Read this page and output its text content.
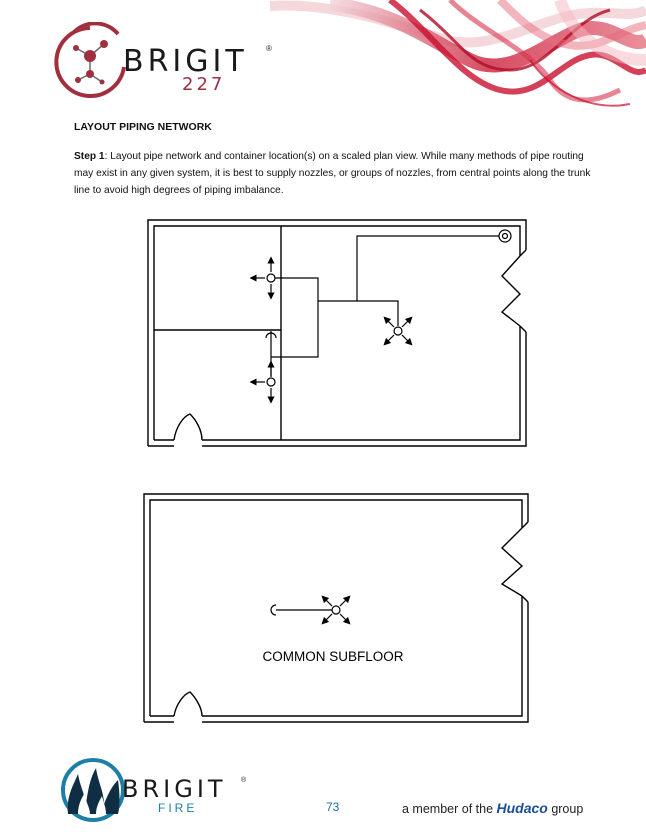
BRIGIT ®
227
LAYOUT PIPING NETWORK
Step 1: Layout pipe network and container location(s) on a scaled plan view. While many methods of pipe routing may exist in any given system, it is best to supply nozzles, or groups of nozzles, from central points along the trunk line to avoid high degrees of piping imbalance.
COMMON SUBFLOOR
BRIGIT ®
FIRE	73	a member of the Hudaco group
